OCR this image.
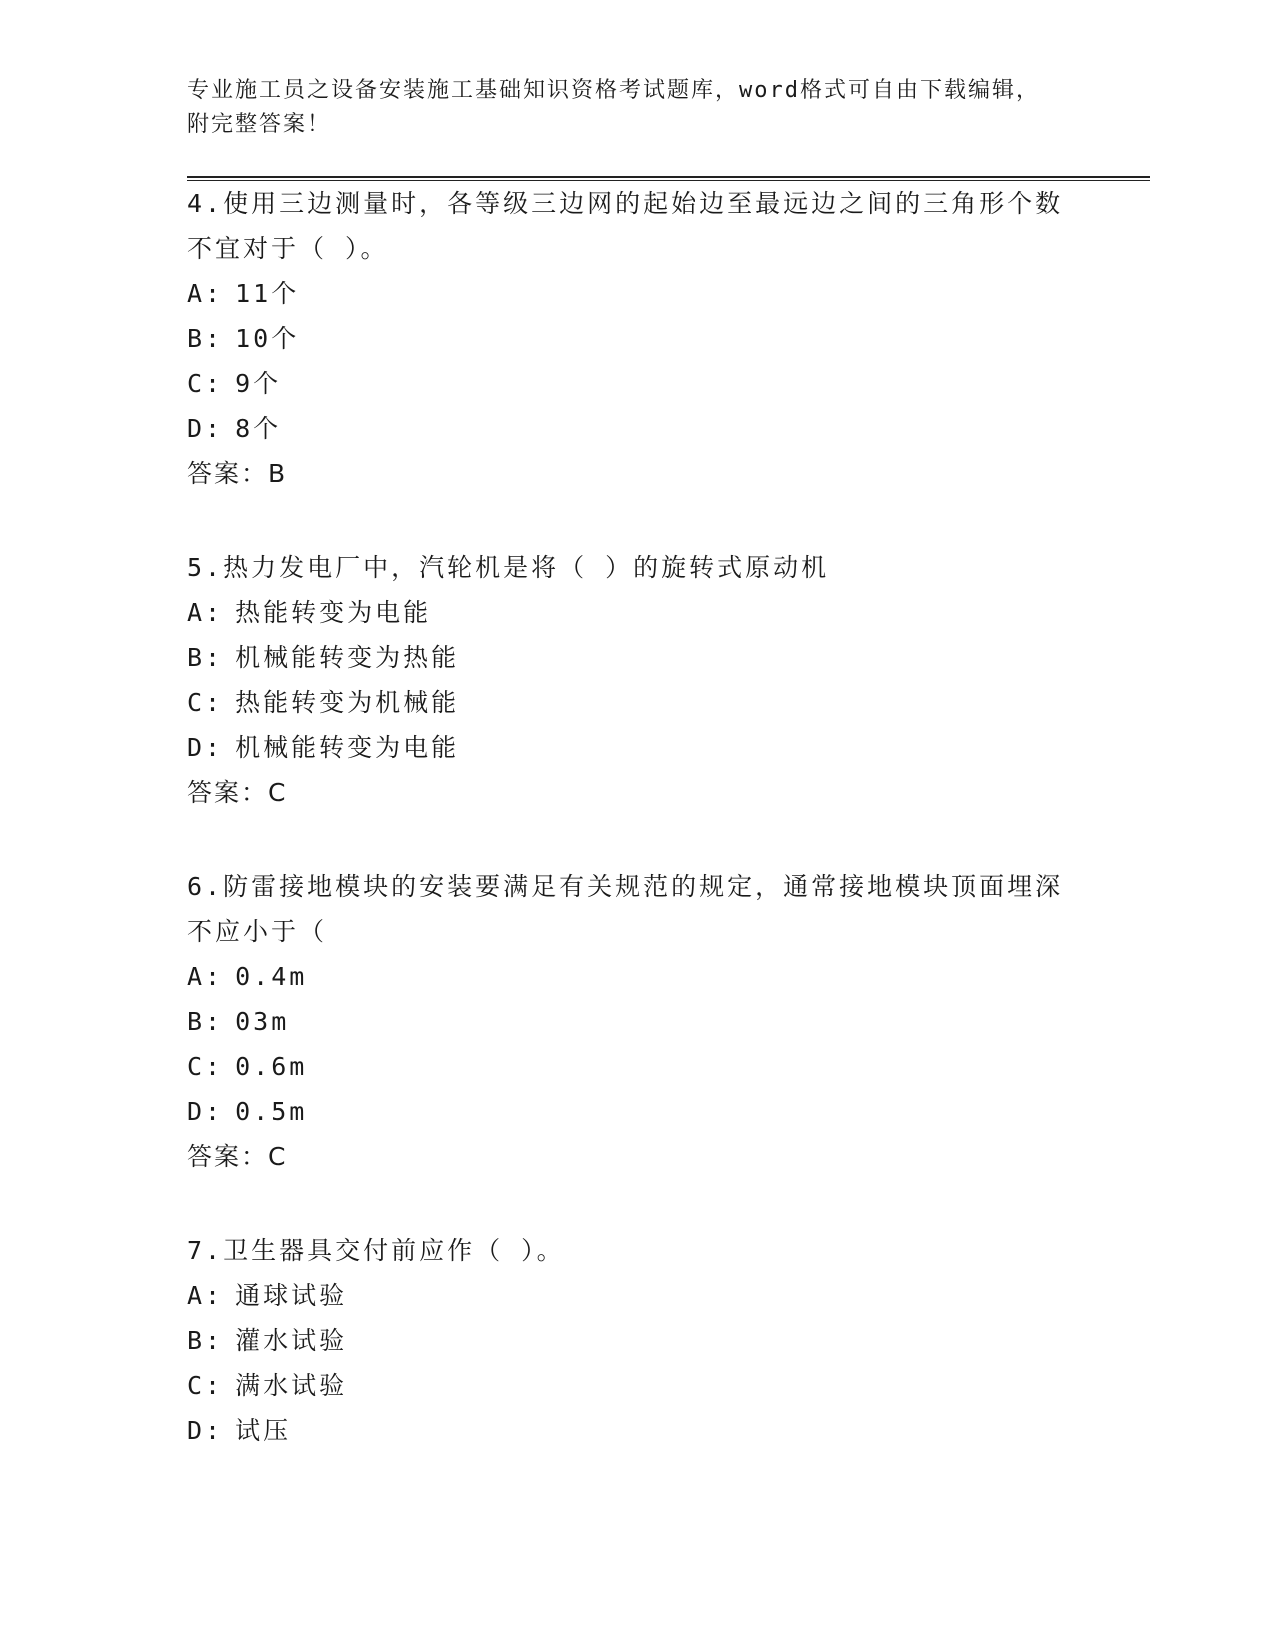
专业施工员之设备安装施工基础知识资格考试题库，word格式可自由下载编辑，
附完整答案！
4.使用三边测量时，各等级三边网的起始边至最远边之间的三角形个数不宜对于（ ）。
A: 11个
B: 10个
C: 9个
D: 8个
答案：B
5.热力发电厂中，汽轮机是将（ ）的旋转式原动机
A: 热能转变为电能
B: 机械能转变为热能
C: 热能转变为机械能
D: 机械能转变为电能
答案：C
6.防雷接地模块的安装要满足有关规范的规定，通常接地模块顶面埋深不应小于（
A: 0.4m
B: 03m
C: 0.6m
D: 0.5m
答案：C
7.卫生器具交付前应作（ ）。
A: 通球试验
B: 灌水试验
C: 满水试验
D: 试压
